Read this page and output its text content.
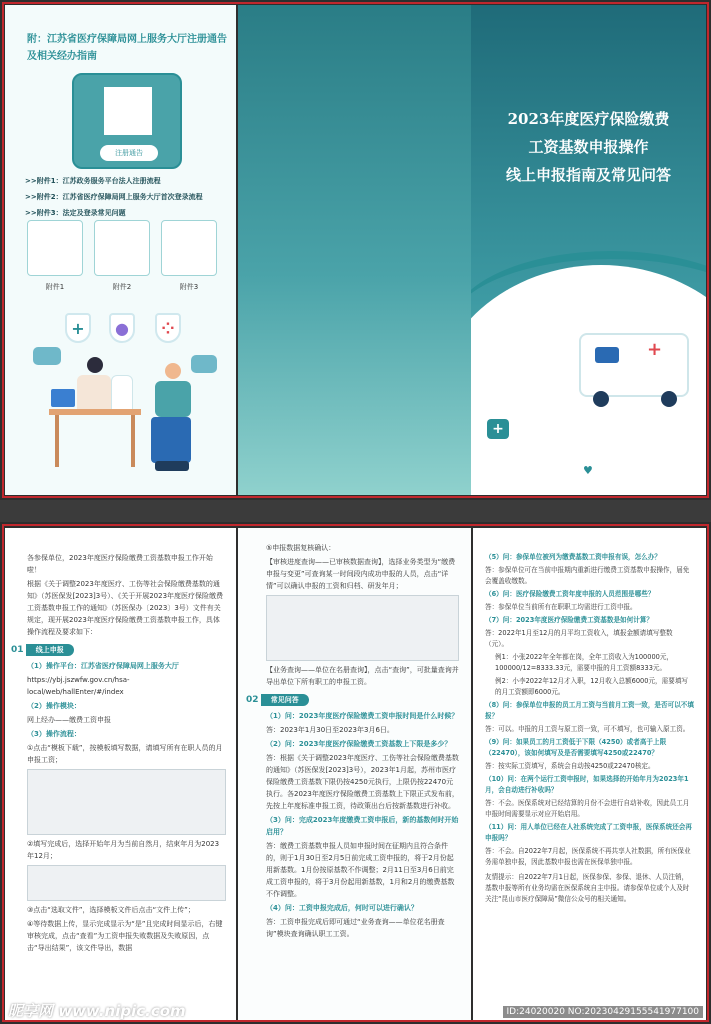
附：江苏省医疗保障局网上服务大厅注册通告及相关经办指南
注册通告
>>附件1：江苏政务服务平台法人注册流程
>>附件2：江苏省医疗保障局网上服务大厅首次登录流程
>>附件3：法定及登录常见问题
附件1	附件2	附件3
+	●	⁘
2023年度医疗保险缴费
工资基数申报操作
线上申报指南及常见问答
+
+
♥

各参保单位，2023年度医疗保险缴费工资基数申报工作开始啦！

根据《关于调整2023年度医疗、工伤等社会保险缴费基数的通知》（苏医保发[2023]3号）、《关于开展2023年度医疗保险缴费工资基数申报工作的通知》（苏医保办〔2023〕3号）文件有关规定，现开展2023年度医疗保险缴费工资基数申报工作，具体操作流程及要求如下：

01 线上申报

（1）操作平台：江苏省医疗保障局网上服务大厅

https://ybj.jszwfw.gov.cn/hsa-local/web/hallEnter/#/index

（2）操作模块：

网上经办——缴费工资申报

（3）操作流程：

①点击“模板下载”，按模板填写数据，请填写所有在职人员的月申报工资；

②填写完成后，选择开始年月为当前自然月，结束年月为2023年12月；

③点击“选取文件”，选择模板文件后点击“文件上传”；

④等待数据上传，显示完成显示为“是”且完成时间显示后，右键审核完成，点击“查看”为工资申报失败数据及失败原因，点击“导出结果”，该文件导出，数据

⑤申报数据复核确认：

【审核进度查询——已审核数据查询】，选择业务类型为“缴费申报与变更”可查询某一时间段内成功申报的人员，点击“详情”可以确认申报的工资和归档、研发年月；

【业务查询——单位在名册查询】，点击“查询”，可批量查询并导出单位下所有职工的申报工资。

02 常见问答

（1）问：2023年度医疗保险缴费工资申报时间是什么时候？

答：2023年1月30日至2023年3月6日。

（2）问：2023年度医疗保险缴费工资基数上下限是多少？

答：根据《关于调整2023年度医疗、工伤等社会保险缴费基数的通知》（苏医保发[2023]3号），2023年1月起，苏州市医疗保险缴费工资基数下限仍按4250元执行，上限仍按22470元执行。各2023年度医疗保险缴费工资基数上下限正式发布前，先按上年度标准申报工资，待政策出台后按新基数进行补收。

（3）问：完成2023年度缴费工资申报后，新的基数何时开始启用？

答：缴费工资基数申报人员如申报时间在征期内且符合条件的，则于1月30日至2月5日前完成工资申报的，将于2月份起用新基数。1月份按原基数不作调整；2月11日至3月6日前完成工资申报的，将于3月份起用新基数，1月和2月的缴费基数不作调整。

（4）问：工资申报完成后，何时可以进行确认？

答：工资申报完成后即可通过“业务查询——单位花名册查询”模块查询确认职工工资。

（5）问：参保单位被列为缴费基数工资申报有误，怎么办？

答：参保单位可在当前申报期内重新进行缴费工资基数申报操作，届免会覆盖收缴数。

（6）问：医疗保险缴费工资年度申报的人员范围是哪些？

答：参保单位当前所有在职职工均需进行工资申报。

（7）问：2023年度医疗保险缴费工资基数是如何计算？

答：2022年1月至12月的月平均工资收入，填报金额请填写整数（元）。

例1：小张2022年全年都在岗，全年工资收入为100000元，100000/12=8333.33元，需要申报的月工资额8333元。

例2：小李2022年12月才入职，12月收入总额6000元，需要填写的月工资额即6000元。

（8）问：参保单位申报的员工月工资与当前月工资一致，是否可以不填报？

答：可以。申报的月工资与原工资一致，可不填写，也可输入原工资。

（9）问：如果员工的月工资低于下限（4250）或者高于上限（22470），该如何填写及是否需要填写4250或22470？

答：按实际工资填写，系统会自动按4250或22470核定。

（10）问：在两个运行工资申报时，如果选择的开始年月为2023年1月，会自动进行补收吗？

答：不会。医保系统对已经结算的月份不会进行自动补收，因此员工月申报时间需要显示对应开始启用。

（11）问：用人单位已经在人社系统完成了工资申报，医保系统还会再申报吗？

答：不会。自2022年7月起，医保系统不再共享人社数据，所有医保业务需单独申报，因此基数申报也需在医保单独申报。

友情提示：自2022年7月1日起，医保参保、参保、退休、人员注销，基数申报等所有业务均需在医保系统自主申报。请参保单位或个人及时关注“昆山市医疗保障局”微信公众号的相关通知。

昵享网 www.nipic.com	ID:24020020 NO:20230429155541977100
